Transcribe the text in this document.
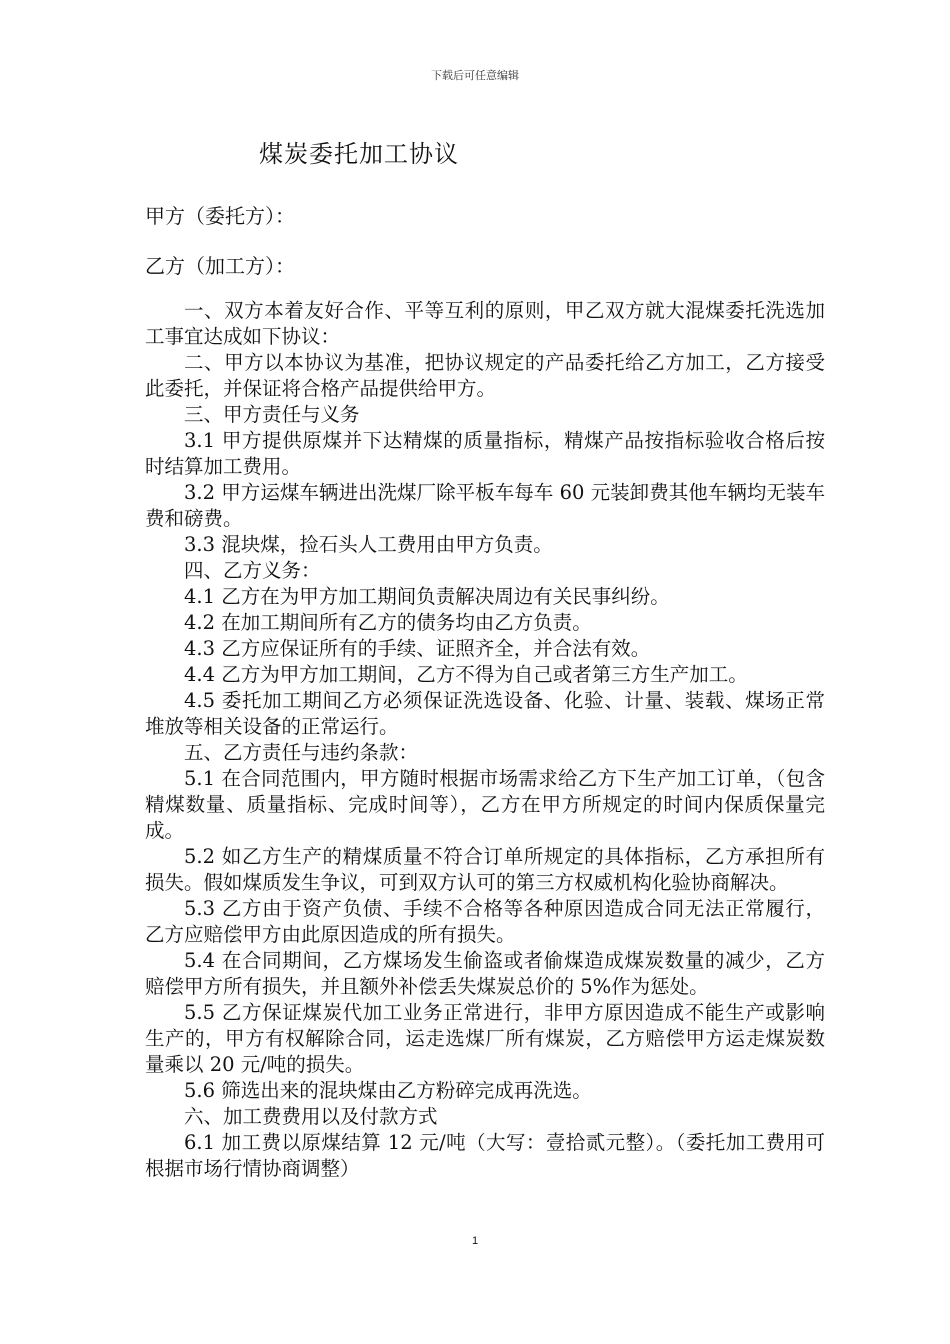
下载后可任意编辑
煤炭委托加工协议

甲方（委托方）：

乙方（加工方）：

一、双方本着友好合作、平等互利的原则，甲乙双方就大混煤委托洗选加工事宜达成如下协议：

二、甲方以本协议为基准，把协议规定的产品委托给乙方加工，乙方接受此委托，并保证将合格产品提供给甲方。

三、甲方责任与义务

3.1 甲方提供原煤并下达精煤的质量指标，精煤产品按指标验收合格后按时结算加工费用。

3.2 甲方运煤车辆进出洗煤厂除平板车每车 60 元装卸费其他车辆均无装车费和磅费。

3.3 混块煤，捡石头人工费用由甲方负责。

四、乙方义务：

4.1 乙方在为甲方加工期间负责解决周边有关民事纠纷。

4.2 在加工期间所有乙方的债务均由乙方负责。

4.3 乙方应保证所有的手续、证照齐全，并合法有效。

4.4 乙方为甲方加工期间，乙方不得为自己或者第三方生产加工。

4.5 委托加工期间乙方必须保证洗选设备、化验、计量、装载、煤场正常堆放等相关设备的正常运行。

五、乙方责任与违约条款：

5.1 在合同范围内，甲方随时根据市场需求给乙方下生产加工订单，（包含精煤数量、质量指标、完成时间等），乙方在甲方所规定的时间内保质保量完成。

5.2 如乙方生产的精煤质量不符合订单所规定的具体指标，乙方承担所有损失。假如煤质发生争议，可到双方认可的第三方权威机构化验协商解决。

5.3 乙方由于资产负债、手续不合格等各种原因造成合同无法正常履行，乙方应赔偿甲方由此原因造成的所有损失。

5.4 在合同期间，乙方煤场发生偷盗或者偷煤造成煤炭数量的减少，乙方赔偿甲方所有损失，并且额外补偿丢失煤炭总价的 5%作为惩处。

5.5 乙方保证煤炭代加工业务正常进行，非甲方原因造成不能生产或影响生产的，甲方有权解除合同，运走选煤厂所有煤炭，乙方赔偿甲方运走煤炭数量乘以 20 元/吨的损失。

5.6 筛选出来的混块煤由乙方粉碎完成再洗选。

六、加工费费用以及付款方式

6.1 加工费以原煤结算 12 元/吨（大写：壹拾贰元整）。（委托加工费用可根据市场行情协商调整）

1
